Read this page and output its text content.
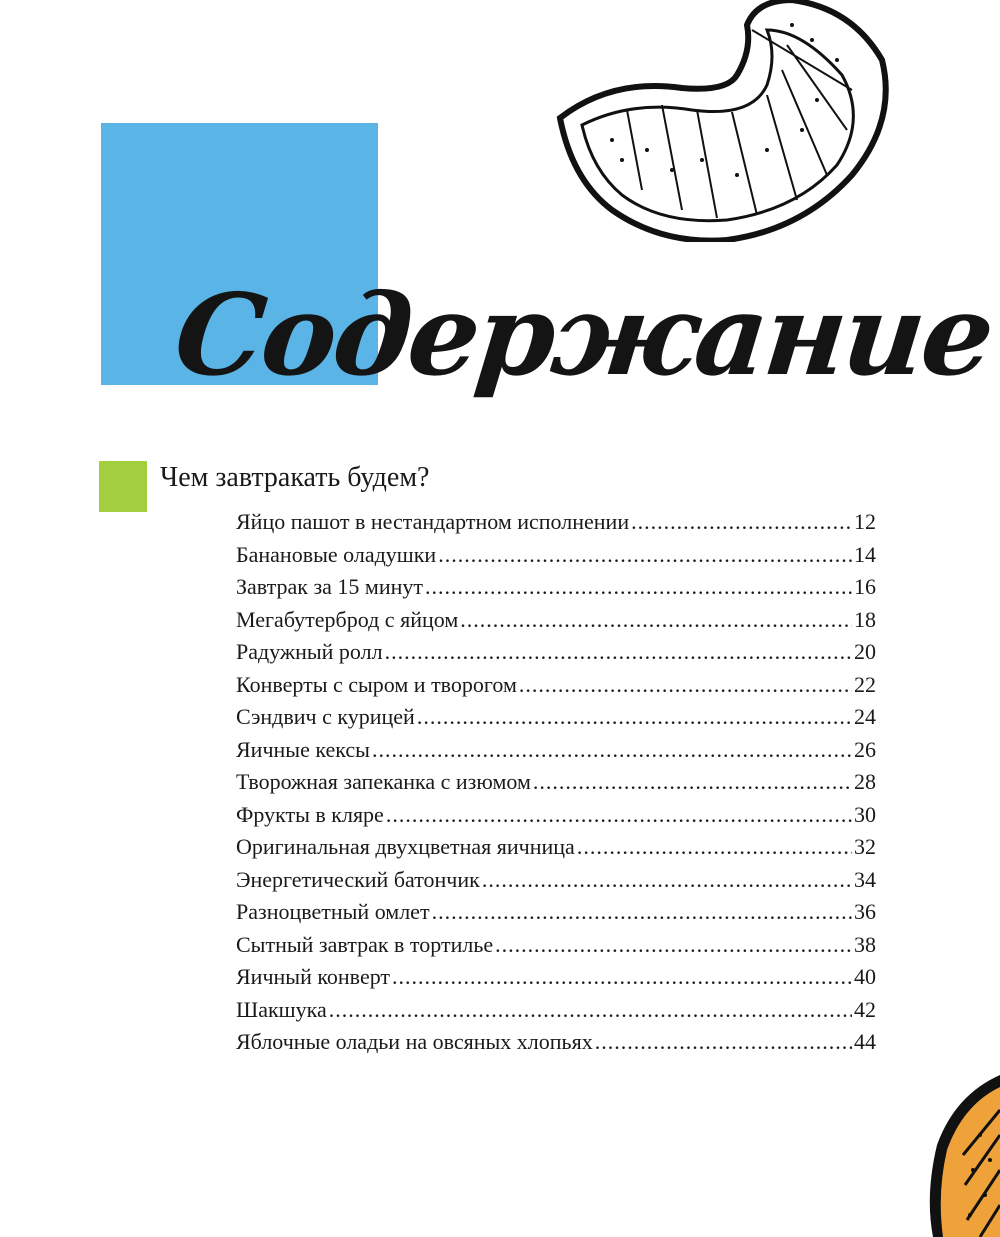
Содержание
Чем завтракать будем?
Яйцо пашот в нестандартном исполнении .....	12
Банановые оладушки .....	14
Завтрак за 15 минут .....	16
Мегабутерброд с яйцом .....	18
Радужный ролл .....	20
Конверты с сыром и творогом .....	22
Сэндвич с курицей .....	24
Яичные кексы .....	26
Творожная запеканка с изюмом .....	28
Фрукты в кляре .....	30
Оригинальная двухцветная яичница .....	32
Энергетический батончик .....	34
Разноцветный омлет .....	36
Сытный завтрак в тортилье .....	38
Яичный конверт .....	40
Шакшука .....	42
Яблочные оладьи на овсяных хлопьях .....	44
